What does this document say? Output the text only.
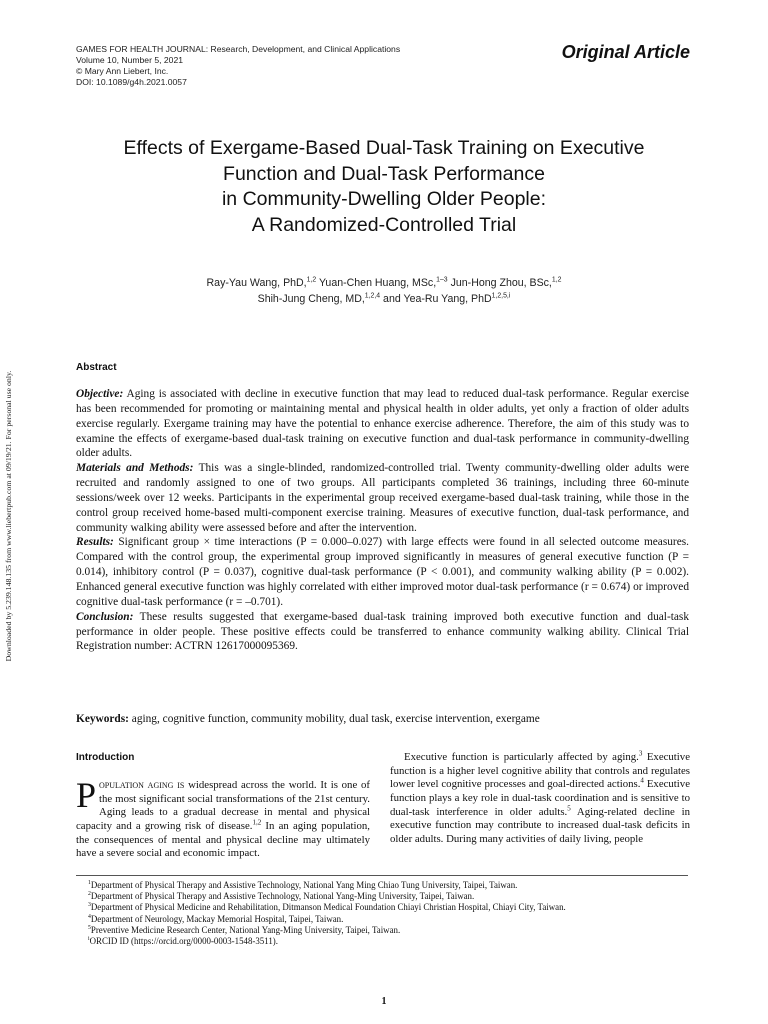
GAMES FOR HEALTH JOURNAL: Research, Development, and Clinical Applications
Volume 10, Number 5, 2021
© Mary Ann Liebert, Inc.
DOI: 10.1089/g4h.2021.0057
Original Article
Downloaded by 5.239.148.135 from www.liebertpub.com at 09/19/21. For personal use only.
Effects of Exergame-Based Dual-Task Training on Executive
Function and Dual-Task Performance
in Community-Dwelling Older People:
A Randomized-Controlled Trial
Ray-Yau Wang, PhD,$^{1,2}$ Yuan-Chen Huang, MSc,$^{1-3}$ Jun-Hong Zhou, BSc,$^{1,2}$
Shih-Jung Cheng, MD,$^{1,2,4}$ and Yea-Ru Yang, PhD$^{1,2,5,i}$
Abstract

Objective: Aging is associated with decline in executive function that may lead to reduced dual-task performance. Regular exercise has been recommended for promoting or maintaining mental and physical health in older adults, yet only a fraction of older adults exercise regularly. Exergame training may have the potential to enhance exercise adherence. Therefore, the aim of this study was to examine the effects of exergame-based dual-task training on executive function and dual-task performance in community-dwelling older adults.

Materials and Methods: This was a single-blinded, randomized-controlled trial. Twenty community-dwelling older adults were recruited and randomly assigned to one of two groups. All participants completed 36 trainings, including three 60-minute sessions/week over 12 weeks. Participants in the experimental group received exergame-based dual-task training, while those in the control group received home-based multi-component exercise training. Measures of executive function, dual-task performance, and community walking ability were assessed before and after the intervention.

Results: Significant group × time interactions (P = 0.000–0.027) with large effects were found in all selected outcome measures. Compared with the control group, the experimental group improved significantly in measures of general executive function (P = 0.014), inhibitory control (P = 0.037), cognitive dual-task performance (P < 0.001), and community walking ability (P = 0.002). Enhanced general executive function was highly correlated with either improved motor dual-task performance (r = 0.674) or improved cognitive dual-task performance (r = –0.701).

Conclusion: These results suggested that exergame-based dual-task training improved both executive function and dual-task performance in older people. These positive effects could be transferred to enhance community walking ability. Clinical Trial Registration number: ACTRN 12617000095369.

Keywords: aging, cognitive function, community mobility, dual task, exercise intervention, exergame
Introduction

Population aging is widespread across the world. It is one of the most significant social transformations of the 21st century. Aging leads to a gradual decrease in mental and physical capacity and a growing risk of disease.$^{1,2}$ In an aging population, the consequences of mental and physical decline may ultimately have a severe social and economic impact.

Executive function is particularly affected by aging.$^3$ Executive function is a higher level cognitive ability that controls and regulates lower level cognitive processes and goal-directed actions.$^4$ Executive function plays a key role in dual-task coordination and is sensitive to dual-task interference in older adults.$^5$ Aging-related decline in executive function may contribute to increased dual-task deficits in older adults. During many activities of daily living, people

$^1$Department of Physical Therapy and Assistive Technology, National Yang Ming Chiao Tung University, Taipei, Taiwan.
$^2$Department of Physical Therapy and Assistive Technology, National Yang-Ming University, Taipei, Taiwan.
$^3$Department of Physical Medicine and Rehabilitation, Ditmanson Medical Foundation Chiayi Christian Hospital, Chiayi City, Taiwan.
$^4$Department of Neurology, Mackay Memorial Hospital, Taipei, Taiwan.
$^5$Preventive Medicine Research Center, National Yang-Ming University, Taipei, Taiwan.
$^i$ORCID ID (https://orcid.org/0000-0003-1548-3511).
1
